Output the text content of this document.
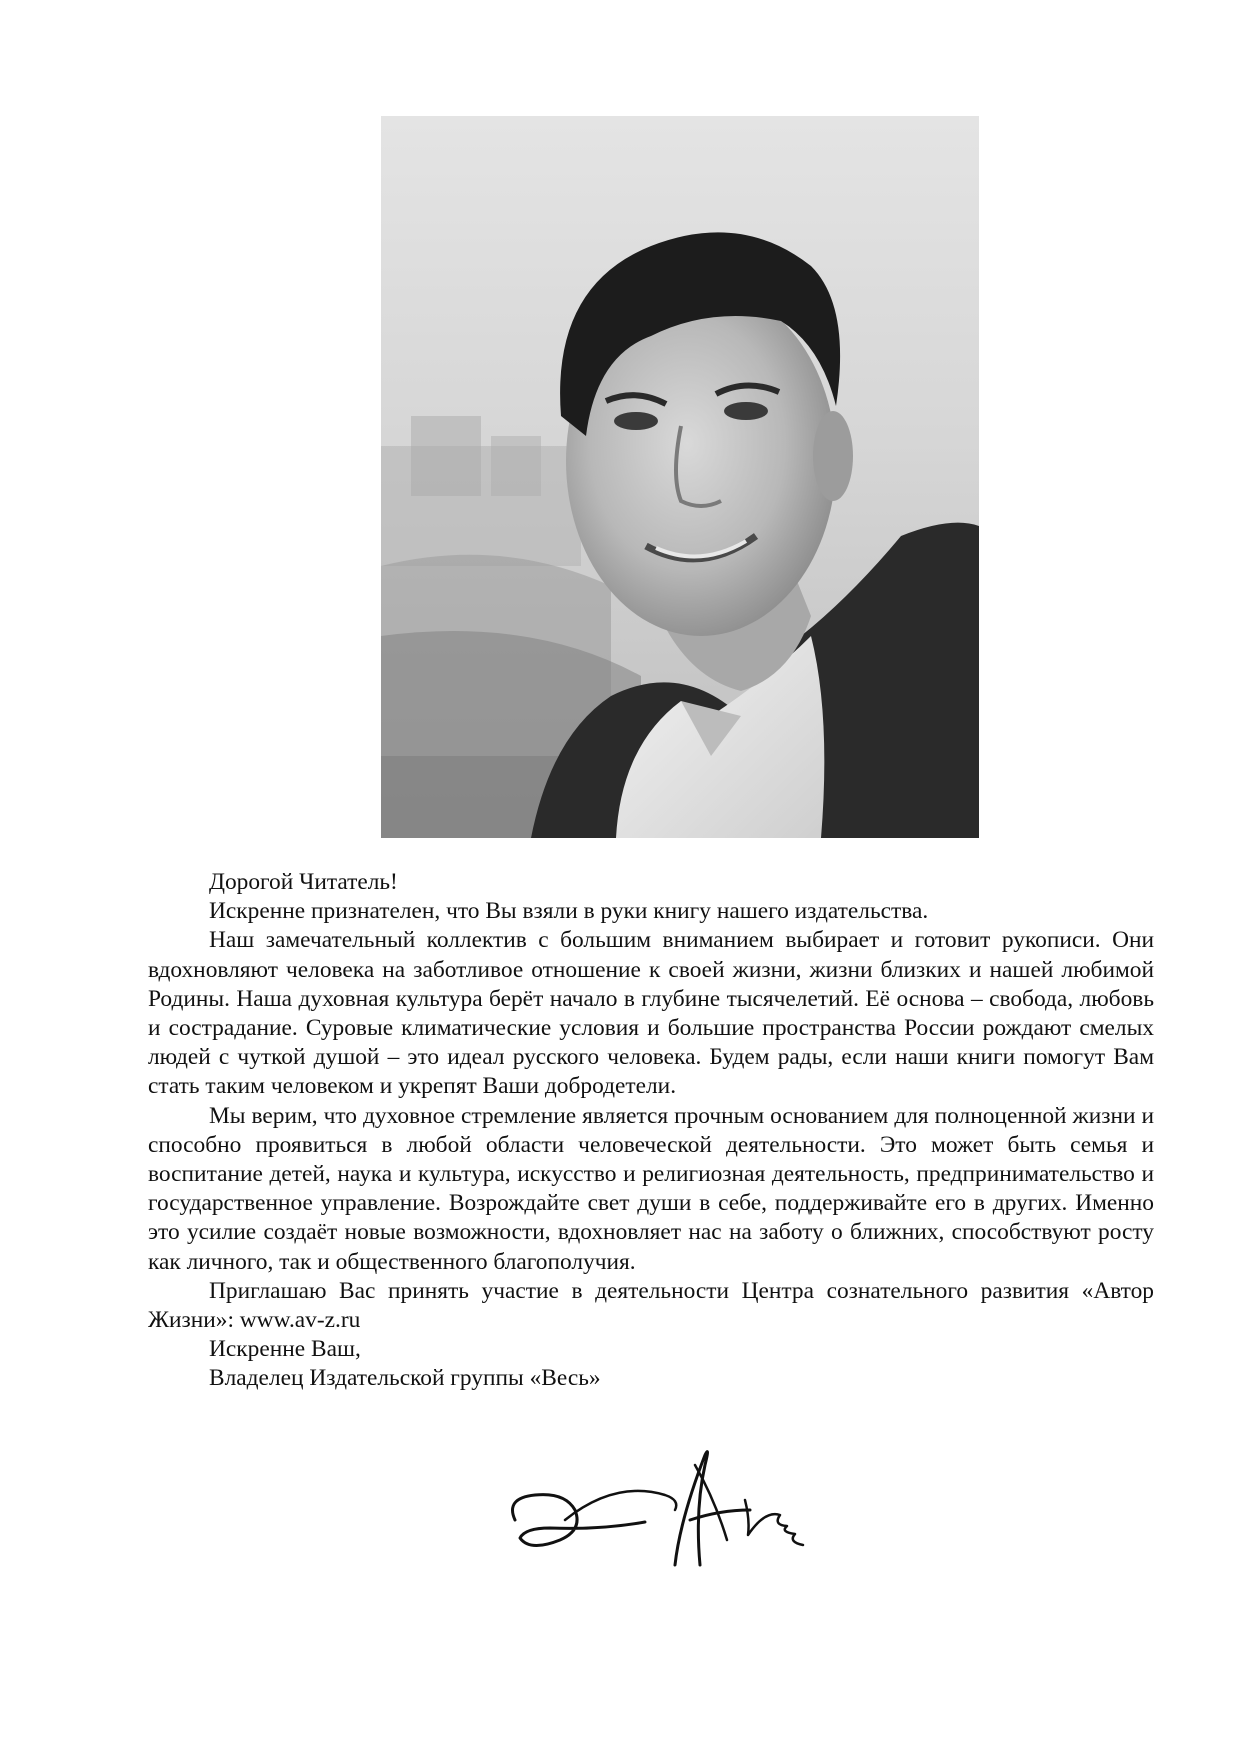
Дорогой Читатель!

Искренне признателен, что Вы взяли в руки книгу нашего издательства.

Наш замечательный коллектив с большим вниманием выбирает и готовит рукописи. Они вдохновляют человека на заботливое отношение к своей жизни, жизни близких и нашей любимой Родины. Наша духовная культура берёт начало в глубине тысячелетий. Её основа – свобода, любовь и сострадание. Суровые климатические условия и большие пространства России рождают смелых людей с чуткой душой – это идеал русского человека. Будем рады, если наши книги помогут Вам стать таким человеком и укрепят Ваши добродетели.

Мы верим, что духовное стремление является прочным основанием для полноценной жизни и способно проявиться в любой области человеческой деятельности. Это может быть семья и воспитание детей, наука и культура, искусство и религиозная деятельность, предпринимательство и государственное управление. Возрождайте свет души в себе, поддерживайте его в других. Именно это усилие создаёт новые возможности, вдохновляет нас на заботу о ближних, способствуют росту как личного, так и общественного благополучия.

Приглашаю Вас принять участие в деятельности Центра сознательного развития «Автор Жизни»: www.av-z.ru

Искренне Ваш,

Владелец Издательской группы «Весь»
